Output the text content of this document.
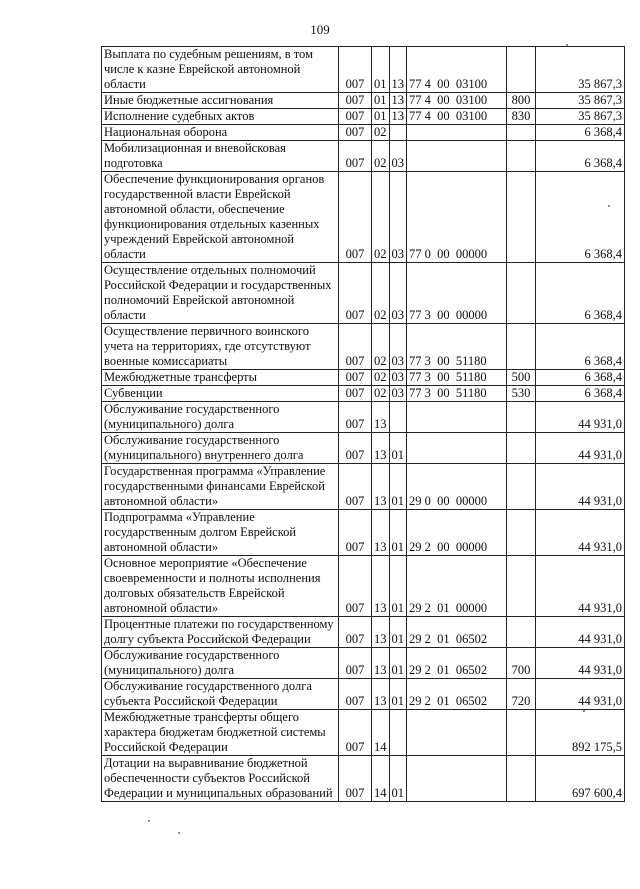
109
Выплата по судебным решениям, в том числе к казне Еврейской автономной области	007	01	13	77 4  00  03100		35 867,3
Иные бюджетные ассигнования	007	01	13	77 4  00  03100	800	35 867,3
Исполнение судебных актов	007	01	13	77 4  00  03100	830	35 867,3
Национальная оборона	007	02				6 368,4
Мобилизационная и вневойсковая подготовка	007	02	03			6 368,4
Обеспечение функционирования органов государственной власти Еврейской автономной области, обеспечение функционирования отдельных казенных учреждений Еврейской автономной области	007	02	03	77 0  00  00000		6 368,4
Осуществление отдельных полномочий Российской Федерации и государственных полномочий Еврейской автономной области	007	02	03	77 3  00  00000		6 368,4
Осуществление первичного воинского учета на территориях, где отсутствуют военные комиссариаты	007	02	03	77 3  00  51180		6 368,4
Межбюджетные трансферты	007	02	03	77 3  00  51180	500	6 368,4
Субвенции	007	02	03	77 3  00  51180	530	6 368,4
Обслуживание государственного (муниципального) долга	007	13				44 931,0
Обслуживание государственного (муниципального) внутреннего долга	007	13	01			44 931,0
Государственная программа «Управление государственными финансами Еврейской автономной области»	007	13	01	29 0  00  00000		44 931,0
Подпрограмма «Управление государственным долгом Еврейской автономной области»	007	13	01	29 2  00  00000		44 931,0
Основное мероприятие «Обеспечение своевременности и полноты исполнения долговых обязательств Еврейской автономной области»	007	13	01	29 2  01  00000		44 931,0
Процентные платежи по государственному долгу субъекта Российской Федерации	007	13	01	29 2  01  06502		44 931,0
Обслуживание государственного (муниципального) долга	007	13	01	29 2  01  06502	700	44 931,0
Обслуживание государственного долга субъекта Российской Федерации	007	13	01	29 2  01  06502	720	44 931,0
Межбюджетные трансферты общего характера бюджетам бюджетной системы Российской Федерации	007	14				892 175,5
Дотации на выравнивание бюджетной обеспеченности субъектов Российской Федерации и муниципальных образований	007	14	01			697 600,4
